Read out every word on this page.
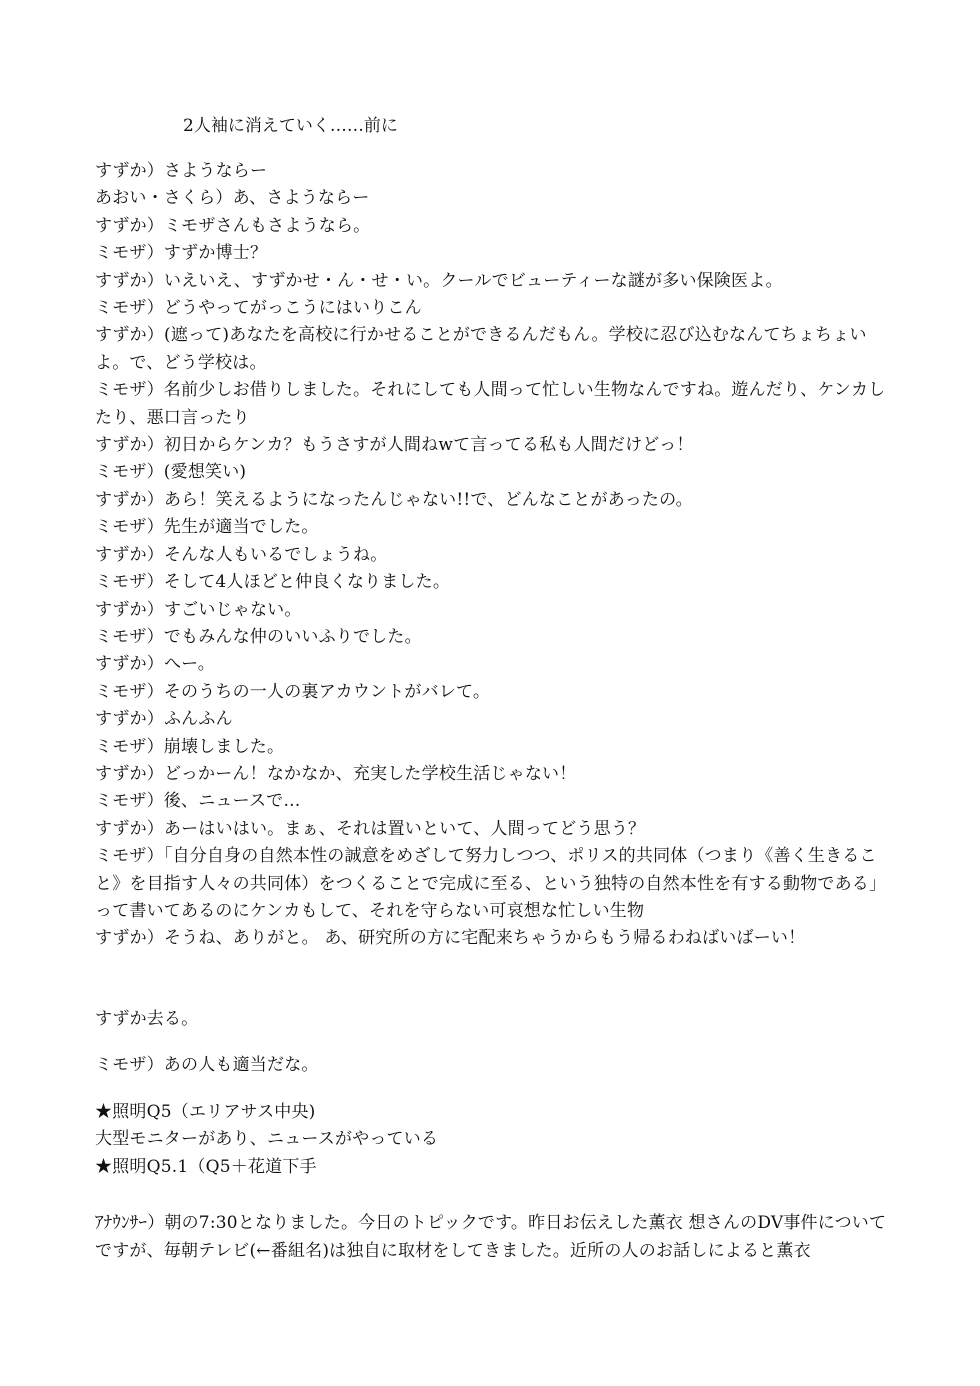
2人袖に消えていく……前に

すずか）さようならー

あおい・さくら）あ、さようならー

すずか）ミモザさんもさようなら。

ミモザ）すずか博士？

すずか）いえいえ、すずかせ・ん・せ・い。クールでビューティーな謎が多い保険医よ。

ミモザ）どうやってがっこうにはいりこん

すずか）(遮って)あなたを高校に行かせることができるんだもん。学校に忍び込むなんてちょちょいよ。で、どう学校は。

ミモザ）名前少しお借りしました。それにしても人間って忙しい生物なんですね。遊んだり、ケンカしたり、悪口言ったり

すずか）初日からケンカ？もうさすが人間ねwて言ってる私も人間だけどっ！

ミモザ）(愛想笑い)

すずか）あら！笑えるようになったんじゃない!!で、どんなことがあったの。

ミモザ）先生が適当でした。

すずか）そんな人もいるでしょうね。

ミモザ）そして4人ほどと仲良くなりました。

すずか）すごいじゃない。

ミモザ）でもみんな仲のいいふりでした。

すずか）へー。

ミモザ）そのうちの一人の裏アカウントがバレて。

すずか）ふんふん

ミモザ）崩壊しました。

すずか）どっかーん！なかなか、充実した学校生活じゃない！

ミモザ）後、ニュースで…

すずか）あーはいはい。まぁ、それは置いといて、人間ってどう思う？

ミモザ）「自分自身の自然本性の誠意をめざして努力しつつ、ポリス的共同体（つまり《善く生きること》を目指す人々の共同体）をつくることで完成に至る、という独特の自然本性を有する動物である」って書いてあるのにケンカもして、それを守らない可哀想な忙しい生物

すずか）そうね、ありがと。 あ、研究所の方に宅配来ちゃうからもう帰るわねばいばーい！

すずか去る。
ミモザ）あの人も適当だな。

★照明Q5（エリアサス中央)

大型モニターがあり、ニュースがやっている

★照明Q5.1（Q5＋花道下手

ｱﾅｳﾝｻｰ）朝の7:30となりました。今日のトピックです。昨日お伝えした薫衣 想さんのDV事件についてですが、毎朝テレビ(←番組名)は独自に取材をしてきました。近所の人のお話しによると薫衣
